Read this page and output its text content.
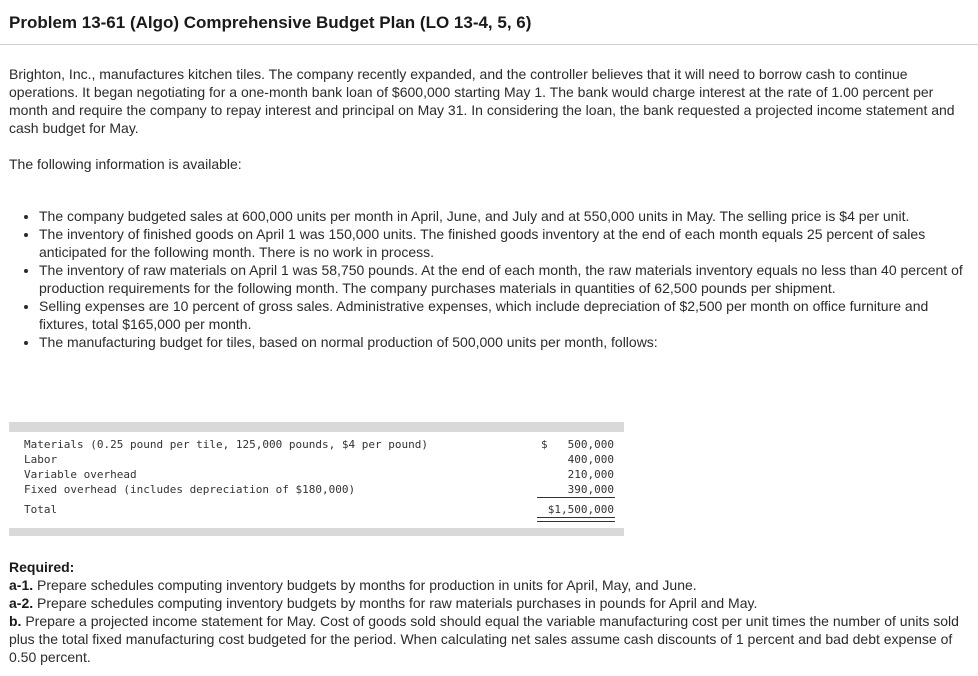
Problem 13-61 (Algo) Comprehensive Budget Plan (LO 13-4, 5, 6)

Brighton, Inc., manufactures kitchen tiles. The company recently expanded, and the controller believes that it will need to borrow cash to continue operations. It began negotiating for a one-month bank loan of $600,000 starting May 1. The bank would charge interest at the rate of 1.00 percent per month and require the company to repay interest and principal on May 31. In considering the loan, the bank requested a projected income statement and cash budget for May.

The following information is available:

• The company budgeted sales at 600,000 units per month in April, June, and July and at 550,000 units in May. The selling price is $4 per unit.
• The inventory of finished goods on April 1 was 150,000 units. The finished goods inventory at the end of each month equals 25 percent of sales anticipated for the following month. There is no work in process.
• The inventory of raw materials on April 1 was 58,750 pounds. At the end of each month, the raw materials inventory equals no less than 40 percent of production requirements for the following month. The company purchases materials in quantities of 62,500 pounds per shipment.
• Selling expenses are 10 percent of gross sales. Administrative expenses, which include depreciation of $2,500 per month on office furniture and fixtures, total $165,000 per month.
• The manufacturing budget for tiles, based on normal production of 500,000 units per month, follows:
Materials (0.25 pound per tile, 125,000 pounds, $4 per pound)	$ 500,000
Labor	400,000
Variable overhead	210,000
Fixed overhead (includes depreciation of $180,000)	390,000
Total	$1,500,000
Required:

a-1. Prepare schedules computing inventory budgets by months for production in units for April, May, and June.

a-2. Prepare schedules computing inventory budgets by months for raw materials purchases in pounds for April and May.

b. Prepare a projected income statement for May. Cost of goods sold should equal the variable manufacturing cost per unit times the number of units sold plus the total fixed manufacturing cost budgeted for the period. When calculating net sales assume cash discounts of 1 percent and bad debt expense of 0.50 percent.
